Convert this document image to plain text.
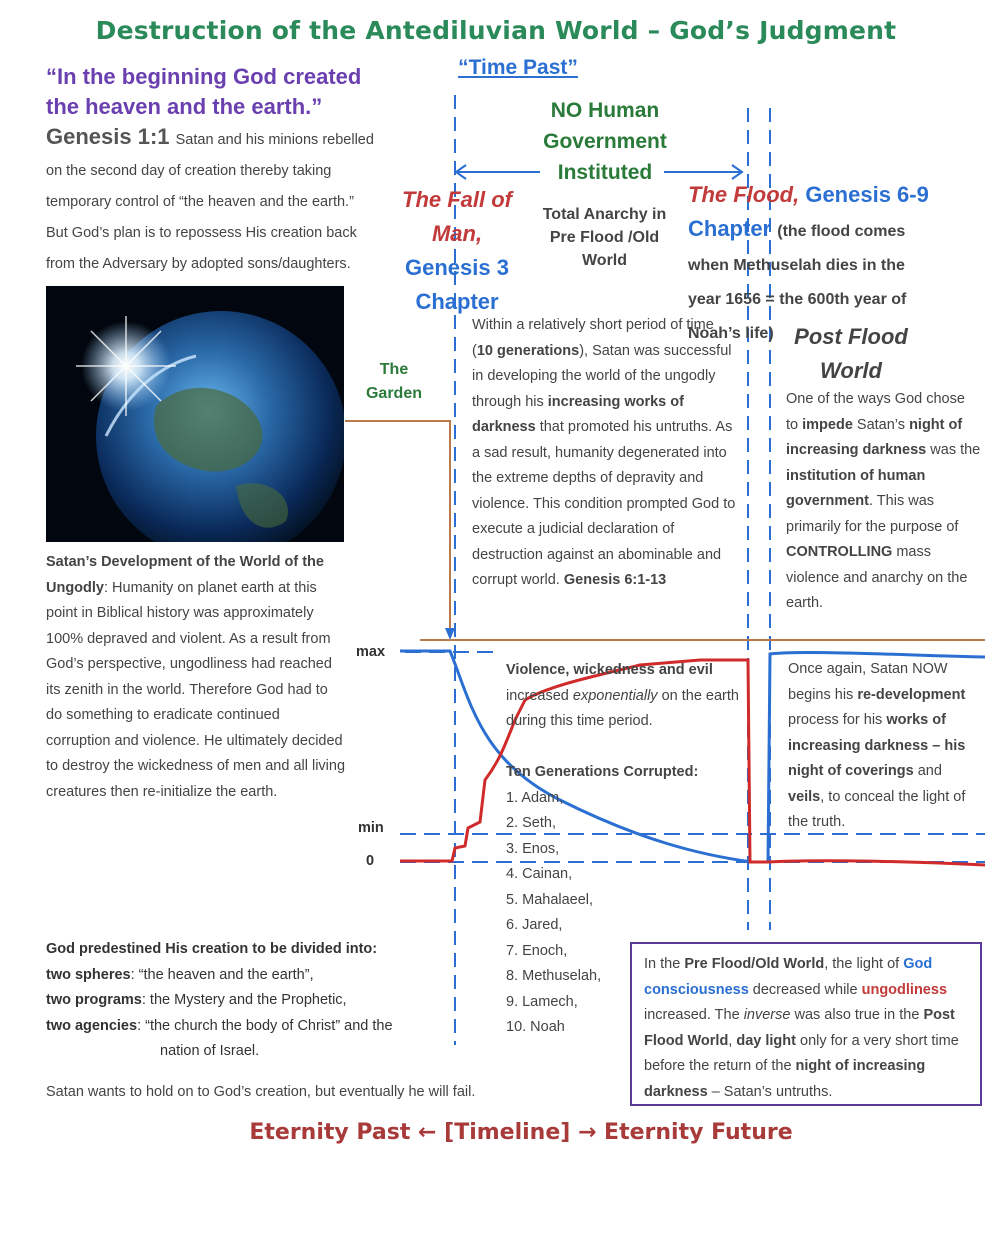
Destruction of the Antediluvian World – God’s Judgment
“Time Past”
“In the beginning God created the heaven and the earth.” Genesis 1:1 Satan and his minions rebelled on the second day of creation thereby taking temporary control of “the heaven and the earth.” But God’s plan is to repossess His creation back from the Adversary by adopted sons/daughters.
NO Human Government Instituted
Total Anarchy in Pre Flood /Old World
The Fall of Man,
Genesis 3 Chapter
The Flood, Genesis 6-9 Chapter (the flood comes when Methuselah dies in the year 1656 = the 600th year of Noah’s life)
The Garden
Within a relatively short period of time (10 generations), Satan was successful in developing the world of the ungodly through his increasing works of darkness that promoted his untruths. As a sad result, humanity degenerated into the extreme depths of depravity and violence. This condition prompted God to execute a judicial declaration of destruction against an abominable and corrupt world. Genesis 6:1-13
Post Flood World
One of the ways God chose to impede Satan’s night of increasing darkness was the institution of human government. This was primarily for the purpose of CONTROLLING mass violence and anarchy on the earth.
Satan’s Development of the World of the Ungodly: Humanity on planet earth at this point in Biblical history was approximately 100% depraved and violent. As a result from God’s perspective, ungodliness had reached its zenith in the world. Therefore God had to do something to eradicate continued corruption and violence. He ultimately decided to destroy the wickedness of men and all living creatures then re-initialize the earth.
God predestined His creation to be divided into:
two spheres: “the heaven and the earth”,
two programs: the Mystery and the Prophetic,
two agencies: “the church the body of Christ” and the
nation of Israel.
Satan wants to hold on to God’s creation, but eventually he will fail.
Eternity Past ← [Timeline] → Eternity Future
Violence, wickedness and evil
increased exponentially on the earth during this time period.
Ten Generations Corrupted:
1. Adam,
2. Seth,
3. Enos,
4. Cainan,
5. Mahalaeel,
6. Jared,
7. Enoch,
8. Methuselah,
9. Lamech,
10. Noah
Once again, Satan NOW begins his re-development process for his works of increasing darkness – his night of coverings and veils, to conceal the light of the truth.
In the Pre Flood/Old World, the light of God consciousness decreased while ungodliness increased. The inverse was also true in the Post Flood World, day light only for a very short time before the return of the night of increasing darkness – Satan’s untruths.
max
min
0
